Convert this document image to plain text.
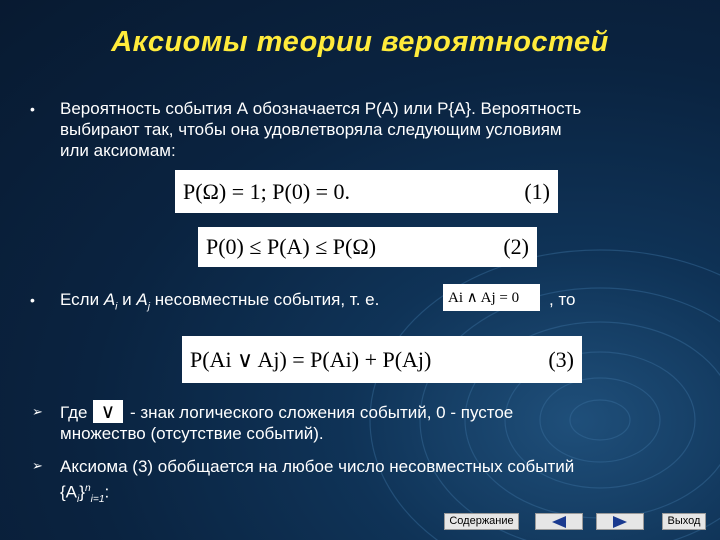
Аксиомы теории вероятностей
• Вероятность события А обозначается Р(А) или Р{А}. Вероятность
выбирают так, чтобы она удовлетворяла следующим условиям
или аксиомам:
P(Ω) = 1; P(0) = 0.	(1)
P(0) ≤ P(A) ≤ P(Ω)	(2)
• Если $A_i$ и $A_j$ несовместные события, т. е.	Ai ∧ Aj = 0	, то
P(Ai ∨ Aj) = P(Ai) + P(Aj)	(3)
➢ Где ∨ - знак логического сложения событий, 0 - пустое
множество (отсутствие событий).
➢ Аксиома (3) обобщается на любое число несовместных событий
$\{A_i\}^n_{i=1}$:
Содержание	Выход
